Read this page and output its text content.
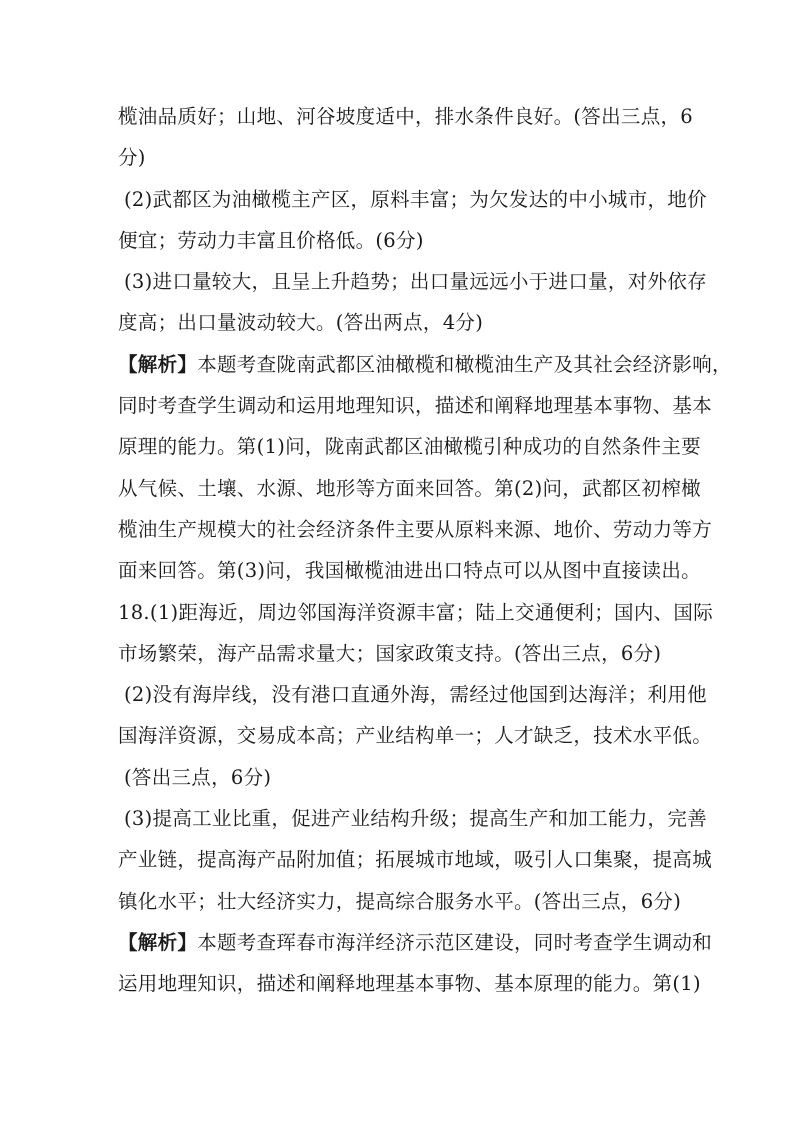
榄油品质好；山地、河谷坡度适中，排水条件良好。(答出三点，6
分)
(2)武都区为油橄榄主产区，原料丰富；为欠发达的中小城市，地价
便宜；劳动力丰富且价格低。(6分)
(3)进口量较大，且呈上升趋势；出口量远远小于进口量，对外依存
度高；出口量波动较大。(答出两点，4分)
【解析】本题考查陇南武都区油橄榄和橄榄油生产及其社会经济影响，
同时考查学生调动和运用地理知识，描述和阐释地理基本事物、基本
原理的能力。第(1)问，陇南武都区油橄榄引种成功的自然条件主要
从气候、土壤、水源、地形等方面来回答。第(2)问，武都区初榨橄
榄油生产规模大的社会经济条件主要从原料来源、地价、劳动力等方
面来回答。第(3)问，我国橄榄油进出口特点可以从图中直接读出。
18.(1)距海近，周边邻国海洋资源丰富；陆上交通便利；国内、国际
市场繁荣，海产品需求量大；国家政策支持。(答出三点，6分)
(2)没有海岸线，没有港口直通外海，需经过他国到达海洋；利用他
国海洋资源，交易成本高；产业结构单一；人才缺乏，技术水平低。
(答出三点，6分)
(3)提高工业比重，促进产业结构升级；提高生产和加工能力，完善
产业链，提高海产品附加值；拓展城市地域，吸引人口集聚，提高城
镇化水平；壮大经济实力，提高综合服务水平。(答出三点，6分)
【解析】本题考查珲春市海洋经济示范区建设，同时考查学生调动和
运用地理知识，描述和阐释地理基本事物、基本原理的能力。第(1)
